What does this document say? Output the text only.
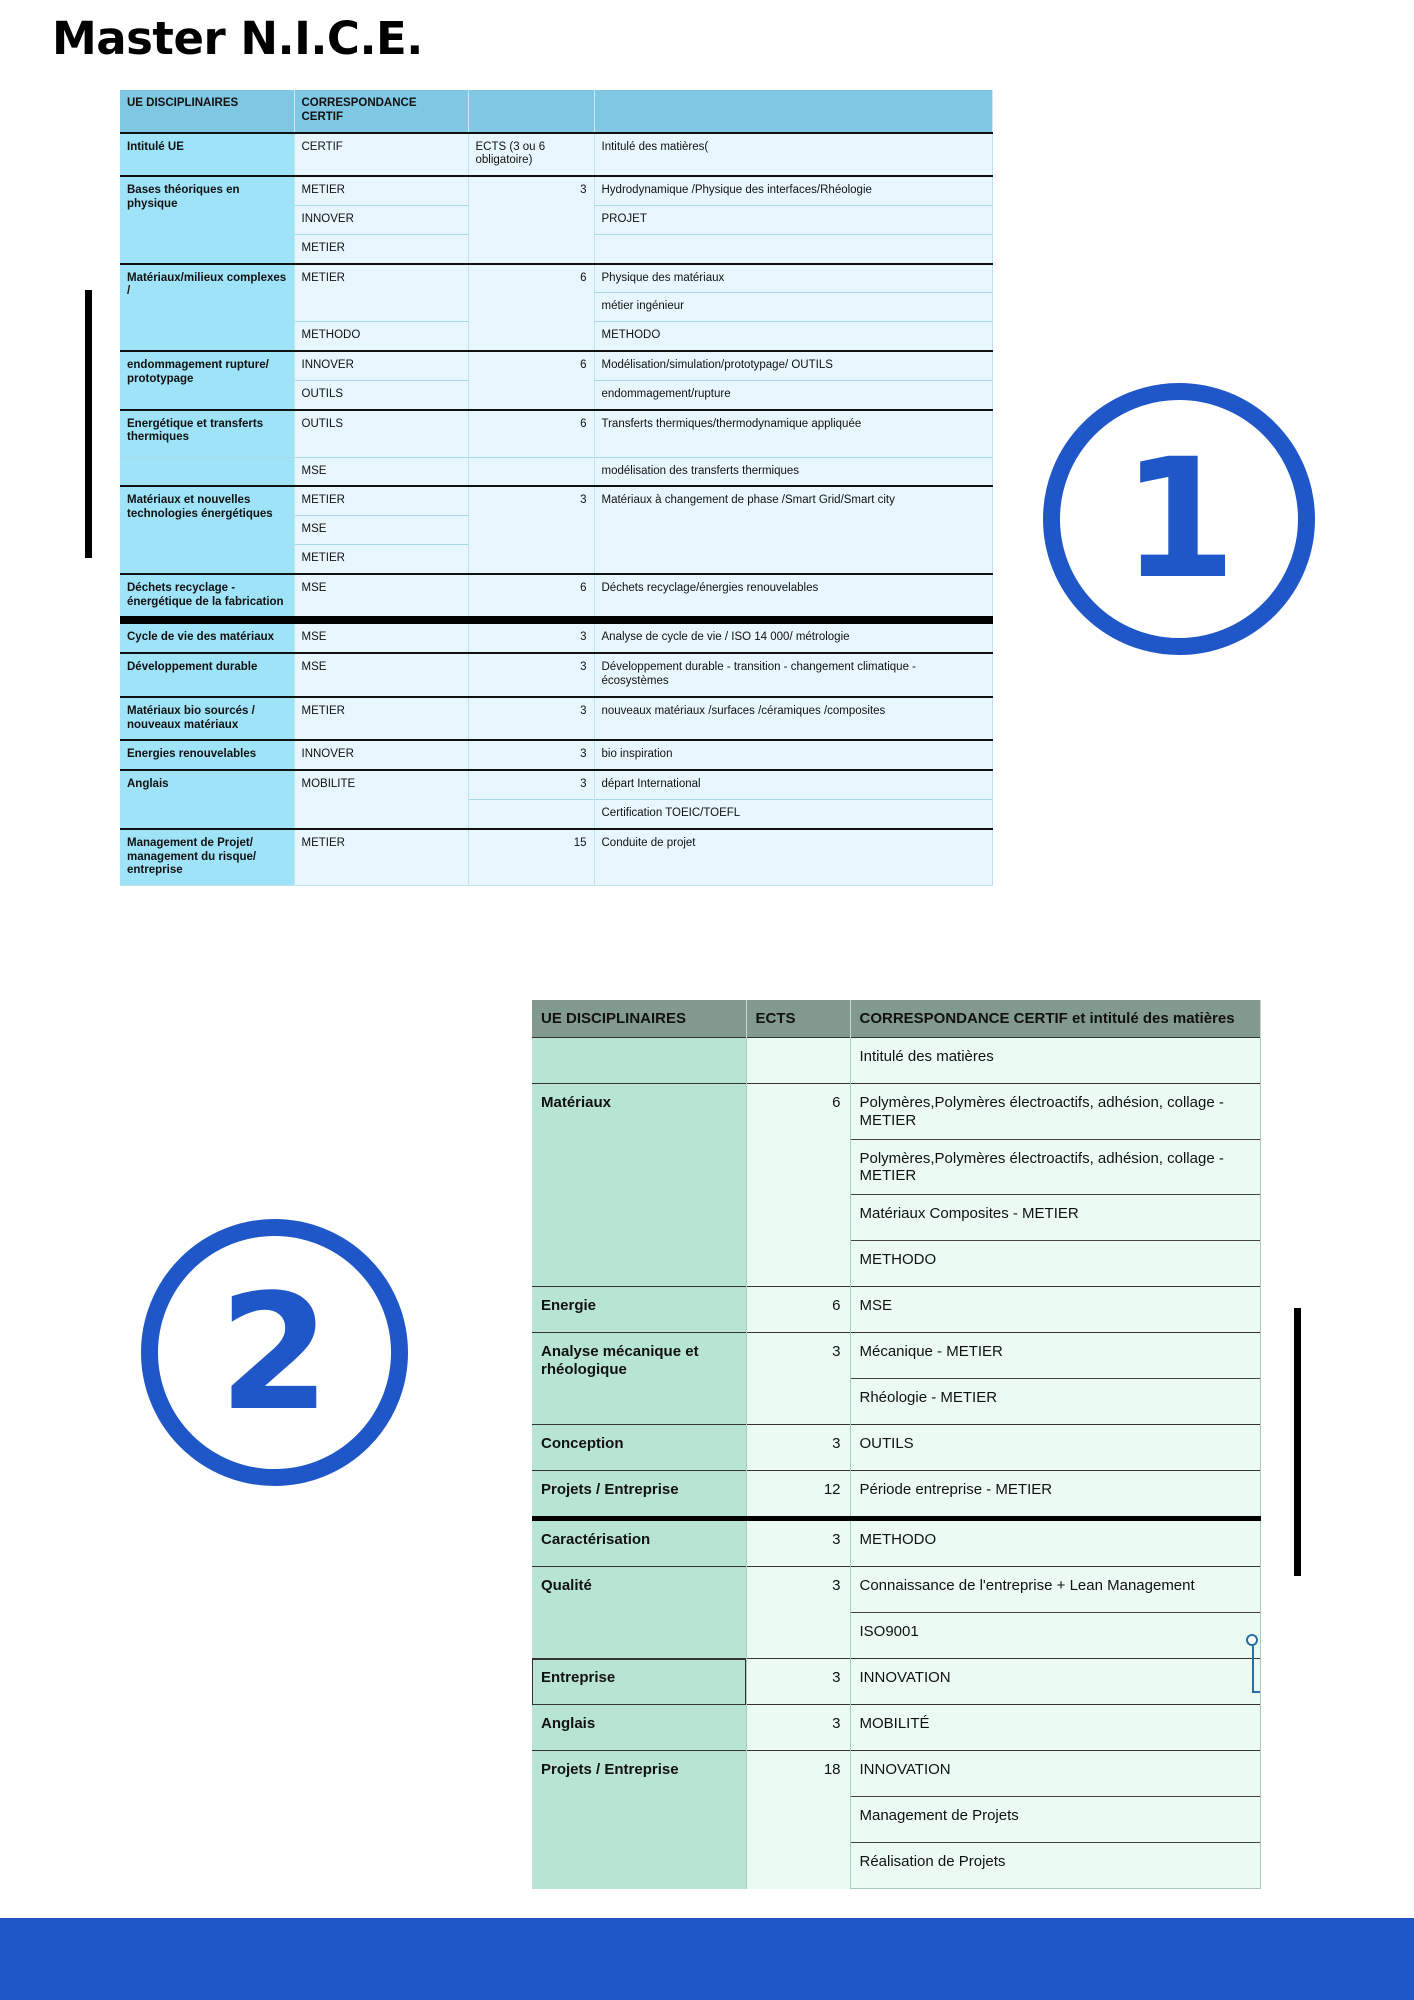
Master N.I.C.E.
1
2
UE DISCIPLINAIRES	CORRESPONDANCE CERTIF		
Intitulé UE	CERTIF	ECTS (3 ou 6 obligatoire)	Intitulé des matières(
Bases théoriques en physique	METIER	3	Hydrodynamique /Physique des interfaces/Rhéologie
	INNOVER		PROJET
	METIER		
Matériaux/milieux complexes /	METIER	6	Physique des matériaux
			métier ingénieur
	METHODO		METHODO
endommagement rupture/ prototypage	INNOVER	6	Modélisation/simulation/prototypage/ OUTILS
	OUTILS		endommagement/rupture
Energétique et transferts thermiques	OUTILS	6	Transferts thermiques/thermodynamique appliquée
	MSE		modélisation des transferts thermiques
Matériaux et nouvelles technologies énergétiques	METIER	3	Matériaux à changement de phase /Smart Grid/Smart city
	MSE		
	METIER		
Déchets recyclage - énergétique de la fabrication	MSE	6	Déchets recyclage/énergies renouvelables
Cycle de vie des matériaux	MSE	3	Analyse de cycle de vie / ISO 14 000/ métrologie
Développement durable	MSE	3	Développement durable - transition - changement climatique - écosystèmes
Matériaux bio sourcés / nouveaux matériaux	METIER	3	nouveaux matériaux /surfaces /céramiques /composites
Energies renouvelables	INNOVER	3	bio inspiration
Anglais	MOBILITE	3	départ International
			Certification TOEIC/TOEFL
Management de Projet/ management du risque/ entreprise	METIER	15	Conduite de projet
UE DISCIPLINAIRES	ECTS	CORRESPONDANCE CERTIF et intitulé des matières
		Intitulé des matières
Matériaux	6	Polymères,Polymères électroactifs, adhésion, collage - METIER
		Polymères,Polymères électroactifs, adhésion, collage - METIER
		Matériaux Composites - METIER
		METHODO
Energie	6	MSE
Analyse mécanique et rhéologique	3	Mécanique - METIER
		Rhéologie - METIER
Conception	3	OUTILS
Projets / Entreprise	12	Période entreprise - METIER
Caractérisation	3	METHODO
Qualité	3	Connaissance de l'entreprise + Lean Management
		ISO9001
Entreprise	3	INNOVATION
Anglais	3	MOBILITÉ
Projets / Entreprise	18	INNOVATION
		Management de Projets
		Réalisation de Projets
